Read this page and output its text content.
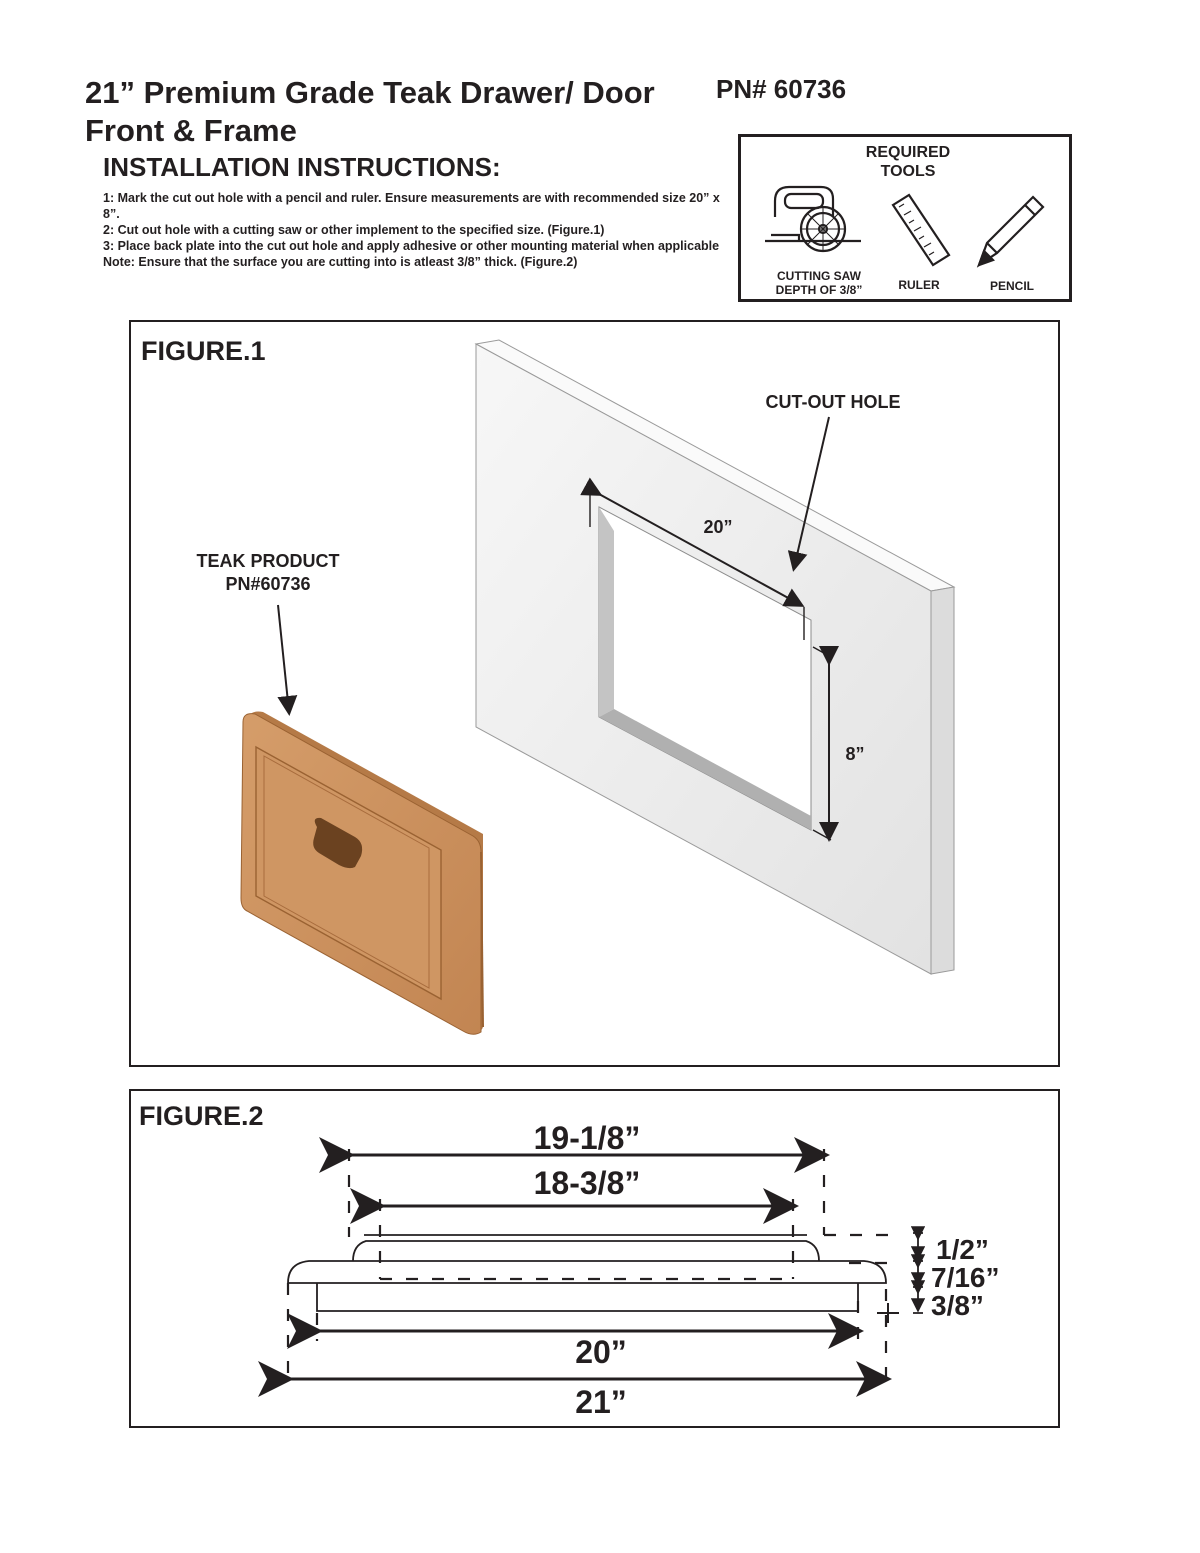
21” Premium Grade Teak Drawer/ Door Front & Frame
PN# 60736
INSTALLATION INSTRUCTIONS:
1: Mark the cut out hole with a pencil and ruler. Ensure measurements are with recommended size 20” x 8”.
2: Cut out hole with a cutting saw or other implement to the specified size. (Figure.1)
3: Place back plate into the cut out hole and apply adhesive or other mounting material when applicable
Note: Ensure that the surface you are cutting into is atleast 3/8” thick. (Figure.2)
REQUIRED
TOOLS
CUTTING SAW
DEPTH OF 3/8”	RULER	PENCIL
FIGURE.1
CUT-OUT HOLE
20”
8”
TEAK PRODUCT
PN#60736
FIGURE.2
19-1/8”
18-3/8”
20”
21”
1/2”
7/16”
3/8”
